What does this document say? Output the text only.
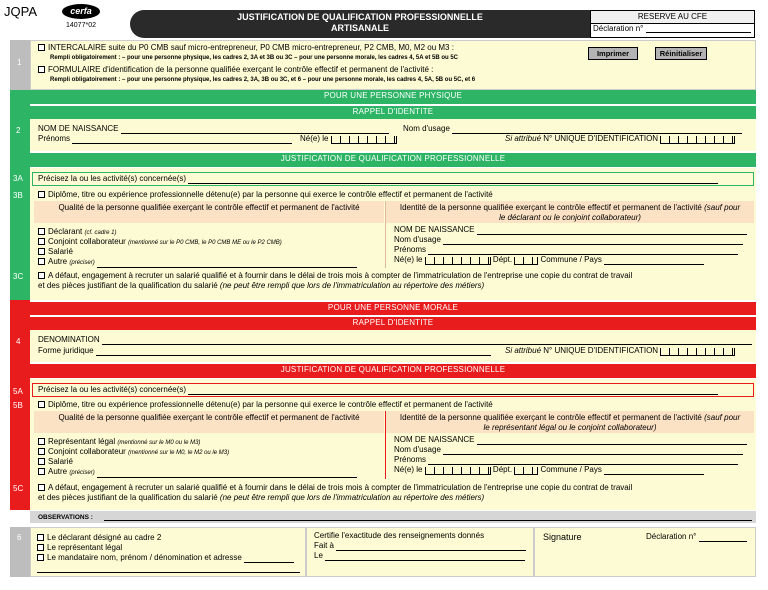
JQPA	cerfa
14077*02
JUSTIFICATION DE QUALIFICATION PROFESSIONNELLE
ARTISANALE
RESERVE AU CFE
Déclaration n°
1
INTERCALAIRE suite du P0 CMB sauf micro-entrepreneur, P0 CMB micro-entrepreneur, P2 CMB, M0, M2 ou M3 :
Rempli obligatoirement : – pour une personne physique, les cadres 2, 3A et 3B ou 3C – pour une personne morale, les cadres 4, 5A et 5B ou 5C
FORMULAIRE d'identification de la personne qualifiée exerçant le contrôle effectif et permanent de l'activité :
Rempli obligatoirement : – pour une personne physique, les cadres 2, 3A, 3B ou 3C, et 6 – pour une personne morale, les cadres 4, 5A, 5B ou 5C, et 6
Imprimer	Réinitialiser
POUR UNE PERSONNE PHYSIQUE
RAPPEL D'IDENTITE
2 NOM DE NAISSANCE	Nom d'usage
Prénoms	Né(e) le	Si attribué N° UNIQUE D'IDENTIFICATION
JUSTIFICATION DE QUALIFICATION PROFESSIONNELLE
3A Précisez la ou les activité(s) concernée(s)
3B	Diplôme, titre ou expérience professionnelle détenu(e) par la personne qui exerce le contrôle effectif et permanent de l'activité
Qualité de la personne qualifiée exerçant le contrôle effectif et permanent de l'activité	Identité de la personne qualifiée exerçant le contrôle effectif et permanent de l'activité (sauf pour le déclarant ou le conjoint collaborateur)
Déclarant (cf. cadre 1)
Conjoint collaborateur (mentionné sur le P0 CMB, le P0 CMB ME ou le P2 CMB)
Salarié
Autre (préciser)
NOM DE NAISSANCE
Nom d'usage
Prénoms
Né(e) le	Dépt.	Commune / Pays
3C	A défaut, engagement à recruter un salarié qualifié et à fournir dans le délai de trois mois à compter de l'immatriculation de l'entreprise une copie du contrat de travail
et des pièces justifiant de la qualification du salarié (ne peut être rempli que lors de l'immatriculation au répertoire des métiers)
POUR UNE PERSONNE MORALE
RAPPEL D'IDENTITE
4 DENOMINATION
Forme juridique	Si attribué N° UNIQUE D'IDENTIFICATION
JUSTIFICATION DE QUALIFICATION PROFESSIONNELLE
5A Précisez la ou les activité(s) concernée(s)
5B	Diplôme, titre ou expérience professionnelle détenu(e) par la personne qui exerce le contrôle effectif et permanent de l'activité
Qualité de la personne qualifiée exerçant le contrôle effectif et permanent de l'activité	Identité de la personne qualifiée exerçant le contrôle effectif et permanent de l'activité (sauf pour le représentant légal ou le conjoint collaborateur)
Représentant légal (mentionné sur le M0 ou le M3)
Conjoint collaborateur (mentionné sur le M0, le M2 ou le M3)
Salarié
Autre (préciser)
NOM DE NAISSANCE
Nom d'usage
Prénoms
Né(e) le	Dépt.	Commune / Pays
5C	A défaut, engagement à recruter un salarié qualifié et à fournir dans le délai de trois mois à compter de l'immatriculation de l'entreprise une copie du contrat de travail
et des pièces justifiant de la qualification du salarié (ne peut être rempli que lors de l'immatriculation au répertoire des métiers)
OBSERVATIONS :
6	Le déclarant désigné au cadre 2
Le représentant légal
Le mandataire nom, prénom / dénomination et adresse
Certifie l'exactitude des renseignements donnés
Fait à
Le
Signature	Déclaration n°
